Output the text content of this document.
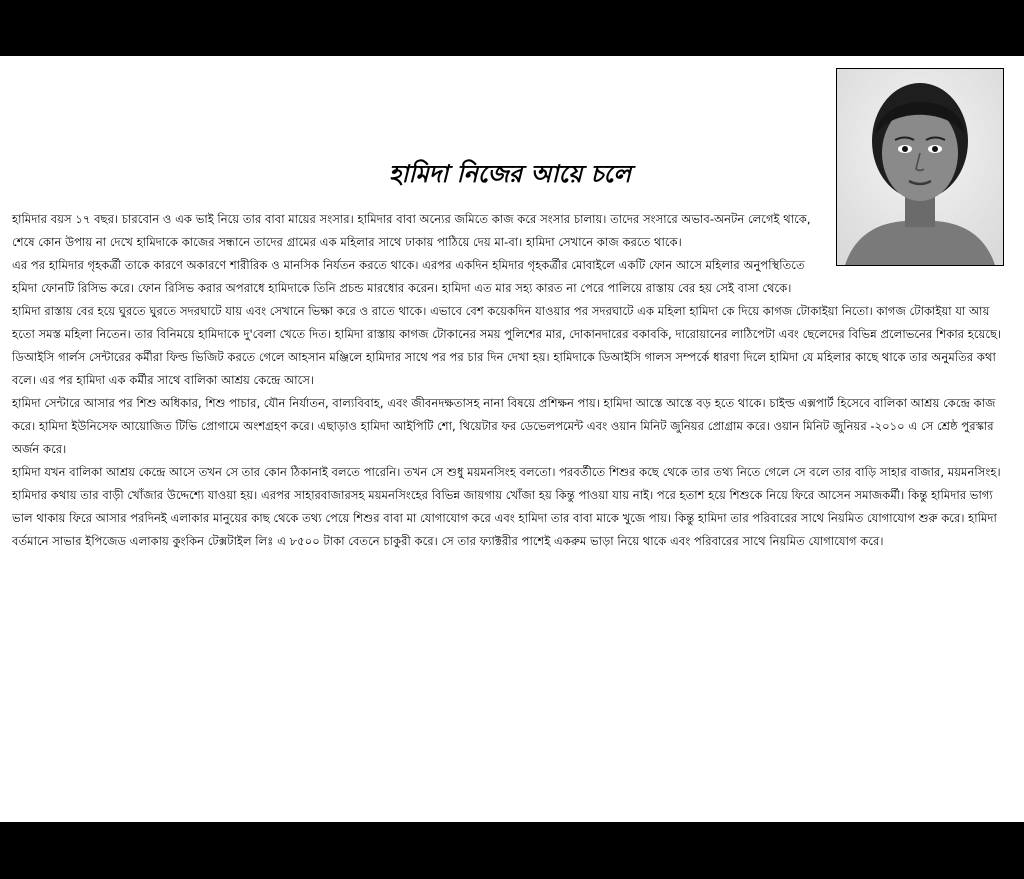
হামিদা নিজের আয়ে চলে

হামিদার বয়স ১৭ বছর। চারবোন ও এক ভাই নিয়ে তার বাবা মায়ের সংসার। হামিদার বাবা অন্যের জমিতে কাজ করে সংসার চালায়। তাদের সংসারে অভাব-অনটন লেগেই থাকে, শেষে কোন উপায় না দেখে হামিদাকে কাজের সন্ধানে তাদের গ্রামের এক মহিলার সাথে ঢাকায় পাঠিয়ে দেয় মা-বা। হামিদা সেখানে কাজ করতে থাকে।

এর পর হামিদার গৃহকর্ত্রী তাকে কারণে অকারণে শারীরিক ও মানসিক নির্যতন করতে থাকে। এরপর একদিন হমিদার গৃহকর্ত্রীর মোবাইলে একটি ফোন আসে মহিলার অনুপস্থিতিতে হমিদা ফোনটি রিসিভ করে। ফোন রিসিভ করার অপরাধে হামিদাকে তিনি প্রচন্ড মারধোর করেন। হামিদা এত মার সহ্য কারত না পেরে পালিয়ে রাস্তায় বের হয় সেই বাসা থেকে।

হামিদা রাস্তায় বের হয়ে ঘুরতে ঘুরতে সদরঘাটে যায় এবং সেখানে ভিক্ষা করে ও রাতে থাকে। এভাবে বেশ কয়েকদিন যাওয়ার পর সদরঘাটে এক মহিলা হামিদা কে দিয়ে কাগজ টোকাইয়া নিতো। কাগজ টোকাইয়া যা আয় হতো সমস্ত মহিলা নিতেন। তার বিনিময়ে হামিদাকে দু'বেলা খেতে দিত। হামিদা রাস্তায় কাগজ টোকানের সময় পুলিশের মার, দোকানদারের বকাবকি, দারোয়ানের লাঠিপেটা এবং ছেলেদের বিভিন্ন প্রলোভনের শিকার হয়েছে।

ডিআইসি গার্লস সেন্টারের কর্মীরা ফিল্ড ভিজিট করতে গেলে আহসান মঞ্জিলে হামিদার সাথে পর পর চার দিন দেখা হয়। হামিদাকে ডিআইসি গালস সম্পর্কে ধারণা দিলে হামিদা যে মহিলার কাছে থাকে তার অনুমতির কথা বলে। এর পর হামিদা এক কর্মীর সাথে বালিকা আশ্রয় কেন্দ্রে আসে।

হামিদা সেন্টারে আসার পর শিশু অধিকার, শিশু পাচার, যৌন নির্যাতন, বাল্যবিবাহ, এবং জীবনদক্ষতাসহ নানা বিষয়ে প্রশিক্ষন পায়। হামিদা আস্তে আস্তে বড় হতে থাকে। চাইল্ড এক্সপার্ট হিসেবে বালিকা আশ্রয় কেন্দ্রে কাজ করে। হামিদা ইউনিসেফ আয়োজিত টিভি প্রোগামে অংশগ্রহণ করে। এছাড়াও হামিদা আইপিটি শো, থিয়েটার ফর ডেভেলপমেন্ট এবং ওয়ান মিনিট জুনিয়র প্রোগ্রাম করে। ওয়ান মিনিট জুনিয়র -২০১০ এ সে শ্রেষ্ঠ পুরস্কার অর্জন করে।

হামিদা যখন বালিকা আশ্রয় কেন্দ্রে আসে তখন সে তার কোন ঠিকানাই বলতে পারেনি। তখন সে শুধু ময়মনসিংহ বলতো। পরবর্তীতে শিশুর কছে থেকে তার তথ্য নিতে গেলে সে বলে তার বাড়ি সাহার বাজার, ময়মনসিংহ। হামিদার কথায় তার বাড়ী খোঁজার উদ্দেশ্যে যাওয়া হয়। এরপর সাহারবাজারসহ ময়মনসিংহের বিভিন্ন জায়গায় খোঁজা হয় কিন্তু পাওয়া যায় নাই। পরে হতাশ হয়ে শিশুকে নিয়ে ফিরে আসেন সমাজকর্মী। কিন্তু হামিদার ভাগ্য ভাল থাকায় ফিরে আসার পরদিনই এলাকার মানুয়ের কাছ থেকে তথ্য পেয়ে শিশুর বাবা মা যোগাযোগ করে এবং হামিদা তার বাবা মাকে খুজে পায়। কিন্তু হামিদা তার পরিবারের সাথে নিয়মিত যোগাযোগ শুরু করে। হামিদা বর্তমানে সাভার ইপিজেড এলাকায় কুংকিন টেক্সটাইল লিঃ এ ৮৫০০ টাকা বেতনে চাকুরী করে। সে তার ফ্যাক্টরীর পাশেই একরুম ভাড়া নিয়ে থাকে এবং পরিবারের সাথে নিয়মিত যোগাযোগ করে।
